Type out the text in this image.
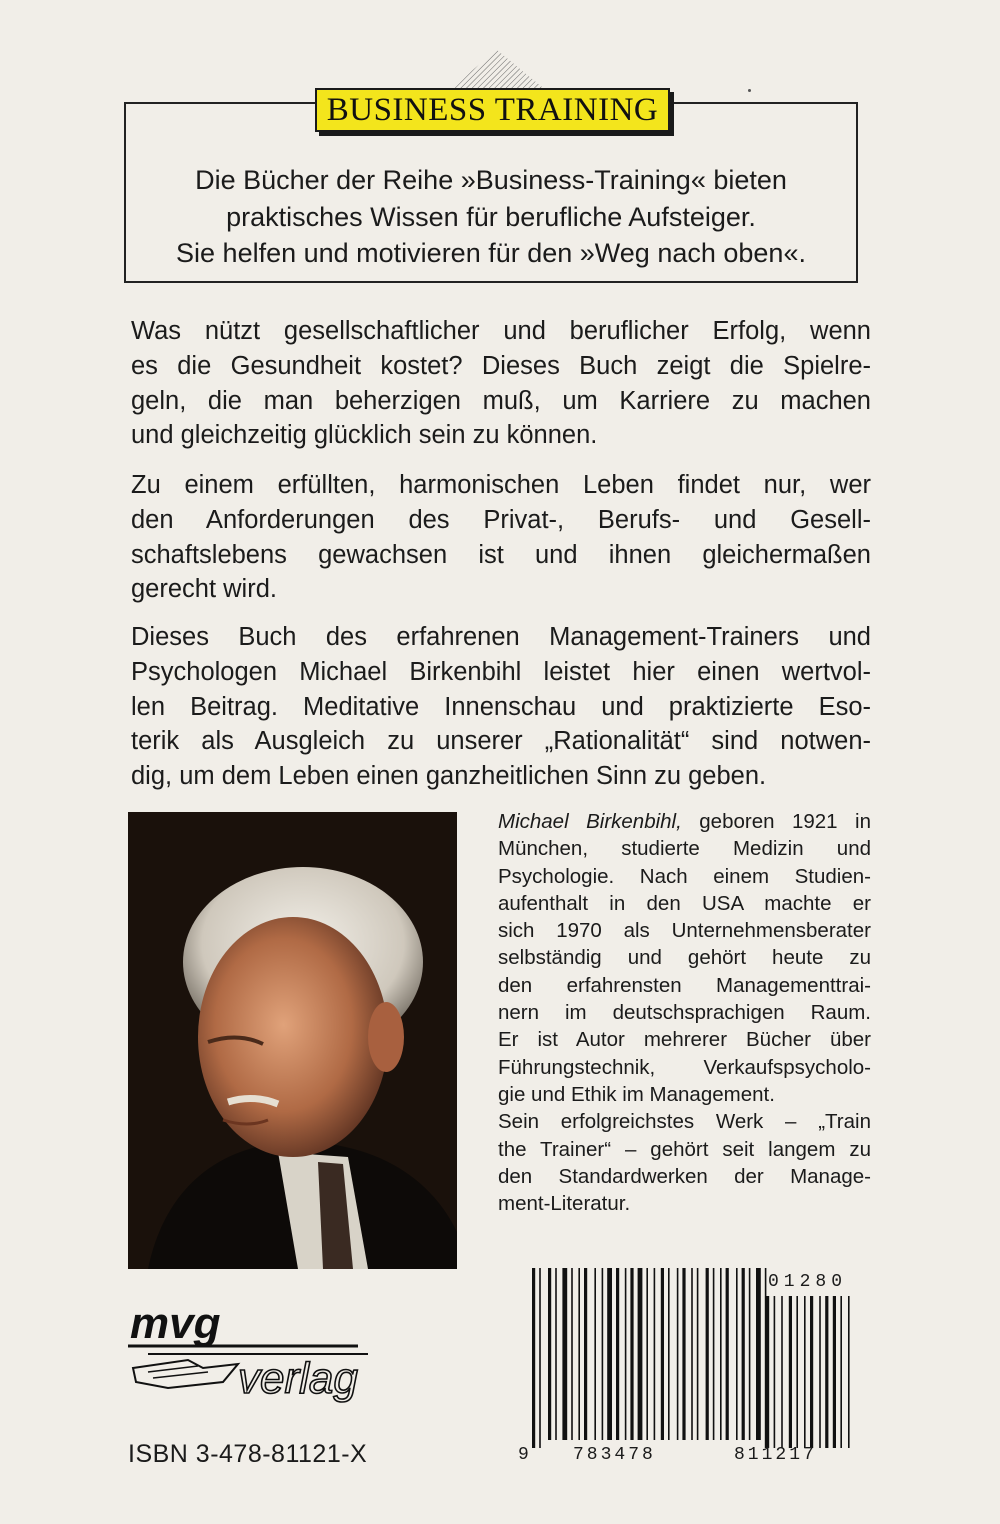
BUSINESS TRAINING
Die Bücher der Reihe »Business-Training« bieten
praktisches Wissen für berufliche Aufsteiger.
Sie helfen und motivieren für den »Weg nach oben«.
Was nützt gesellschaftlicher und beruflicher Erfolg, wenn
es die Gesundheit kostet? Dieses Buch zeigt die Spielre-
geln, die man beherzigen muß, um Karriere zu machen
und gleichzeitig glücklich sein zu können.
Zu einem erfüllten, harmonischen Leben findet nur, wer
den Anforderungen des Privat-, Berufs- und Gesell-
schaftslebens gewachsen ist und ihnen gleichermaßen
gerecht wird.
Dieses Buch des erfahrenen Management-Trainers und
Psychologen Michael Birkenbihl leistet hier einen wertvol-
len Beitrag. Meditative Innenschau und praktizierte Eso-
terik als Ausgleich zu unserer „Rationalität“ sind notwen-
dig, um dem Leben einen ganzheitlichen Sinn zu geben.
Michael Birkenbihl, geboren 1921 in
München, studierte Medizin und
Psychologie. Nach einem Studien-
aufenthalt in den USA machte er
sich 1970 als Unternehmensberater
selbständig und gehört heute zu
den erfahrensten Managementtrai-
nern im deutschsprachigen Raum.
Er ist Autor mehrerer Bücher über
Führungstechnik, Verkaufspsycholo-
gie und Ethik im Management.
Sein erfolgreichstes Werk – „Train
the Trainer“ – gehört seit langem zu
den Standardwerken der Manage-
ment-Literatur.
mvg
verlag
ISBN 3-478-81121-X
01280
9 783478	811217
